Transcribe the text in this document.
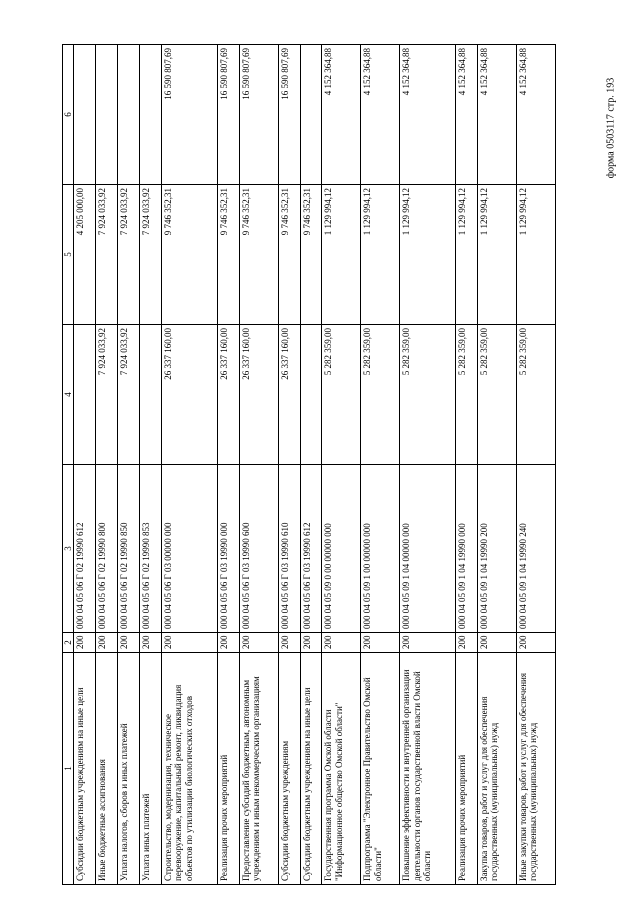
форма 0503117 стр. 193
1	2	3	4	5	6
Субсидии бюджетным учреждениям на иные цели	200	000 04 05 06 Г 02 19990 612		4 205 000,00	
Иные бюджетные ассигнования	200	000 04 05 06 Г 02 19990 800	7 924 033,92	7 924 033,92	
Уплата налогов, сборов и иных платежей	200	000 04 05 06 Г 02 19990 850	7 924 033,92	7 924 033,92	
Уплата иных платежей	200	000 04 05 06 Г 02 19990 853		7 924 033,92	
Строительство, модернизация, техническое перевооружение, капитальный ремонт, ликвидация объектов по утилизации биологических отходов	200	000 04 05 06 Г 03 00000 000	26 337 160,00	9 746 352,31	16 590 807,69
Реализация прочих мероприятий	200	000 04 05 06 Г 03 19990 000	26 337 160,00	9 746 352,31	16 590 807,69
Предоставление субсидий бюджетным, автономным учреждениям и иным некоммерческим организациям	200	000 04 05 06 Г 03 19990 600	26 337 160,00	9 746 352,31	16 590 807,69
Субсидии бюджетным учреждениям	200	000 04 05 06 Г 03 19990 610	26 337 160,00	9 746 352,31	16 590 807,69
Субсидии бюджетным учреждениям на иные цели	200	000 04 05 06 Г 03 19990 612		9 746 352,31	
Государственная программа Омской области "Информационное общество Омской области"	200	000 04 05 09 0 00 00000 000	5 282 359,00	1 129 994,12	4 152 364,88
Подпрограмма "Электронное Правительство Омской области"	200	000 04 05 09 1 00 00000 000	5 282 359,00	1 129 994,12	4 152 364,88
Повышение эффективности и внутренней организации деятельности органов государственной власти Омской области	200	000 04 05 09 1 04 00000 000	5 282 359,00	1 129 994,12	4 152 364,88
Реализация прочих мероприятий	200	000 04 05 09 1 04 19990 000	5 282 359,00	1 129 994,12	4 152 364,88
Закупка товаров, работ и услуг для обеспечения государственных (муниципальных) нужд	200	000 04 05 09 1 04 19990 200	5 282 359,00	1 129 994,12	4 152 364,88
Иные закупки товаров, работ и услуг для обеспечения государственных (муниципальных) нужд	200	000 04 05 09 1 04 19990 240	5 282 359,00	1 129 994,12	4 152 364,88
